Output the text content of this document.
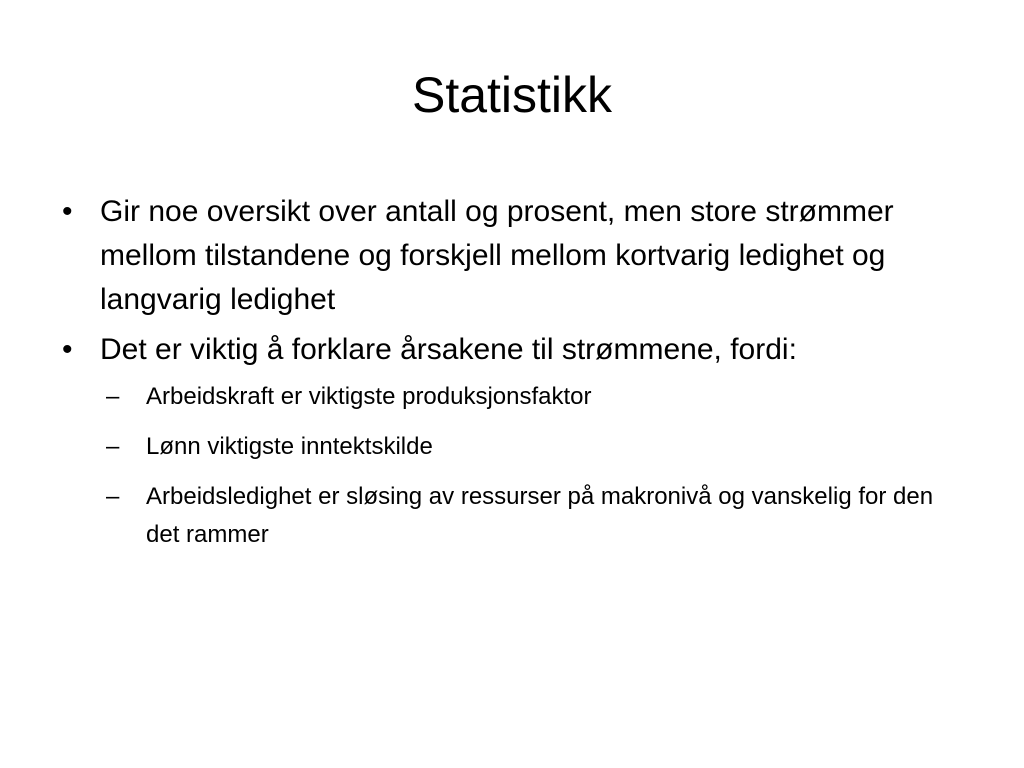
Statistikk
• Gir noe oversikt over antall og prosent, men store strømmer mellom tilstandene og forskjell mellom kortvarig ledighet og langvarig ledighet
• Det er viktig å forklare årsakene til strømmene, fordi:
–	Arbeidskraft er viktigste produksjonsfaktor
–	Lønn viktigste inntektskilde
–	Arbeidsledighet er sløsing av ressurser på makronivå og vanskelig for den det rammer
